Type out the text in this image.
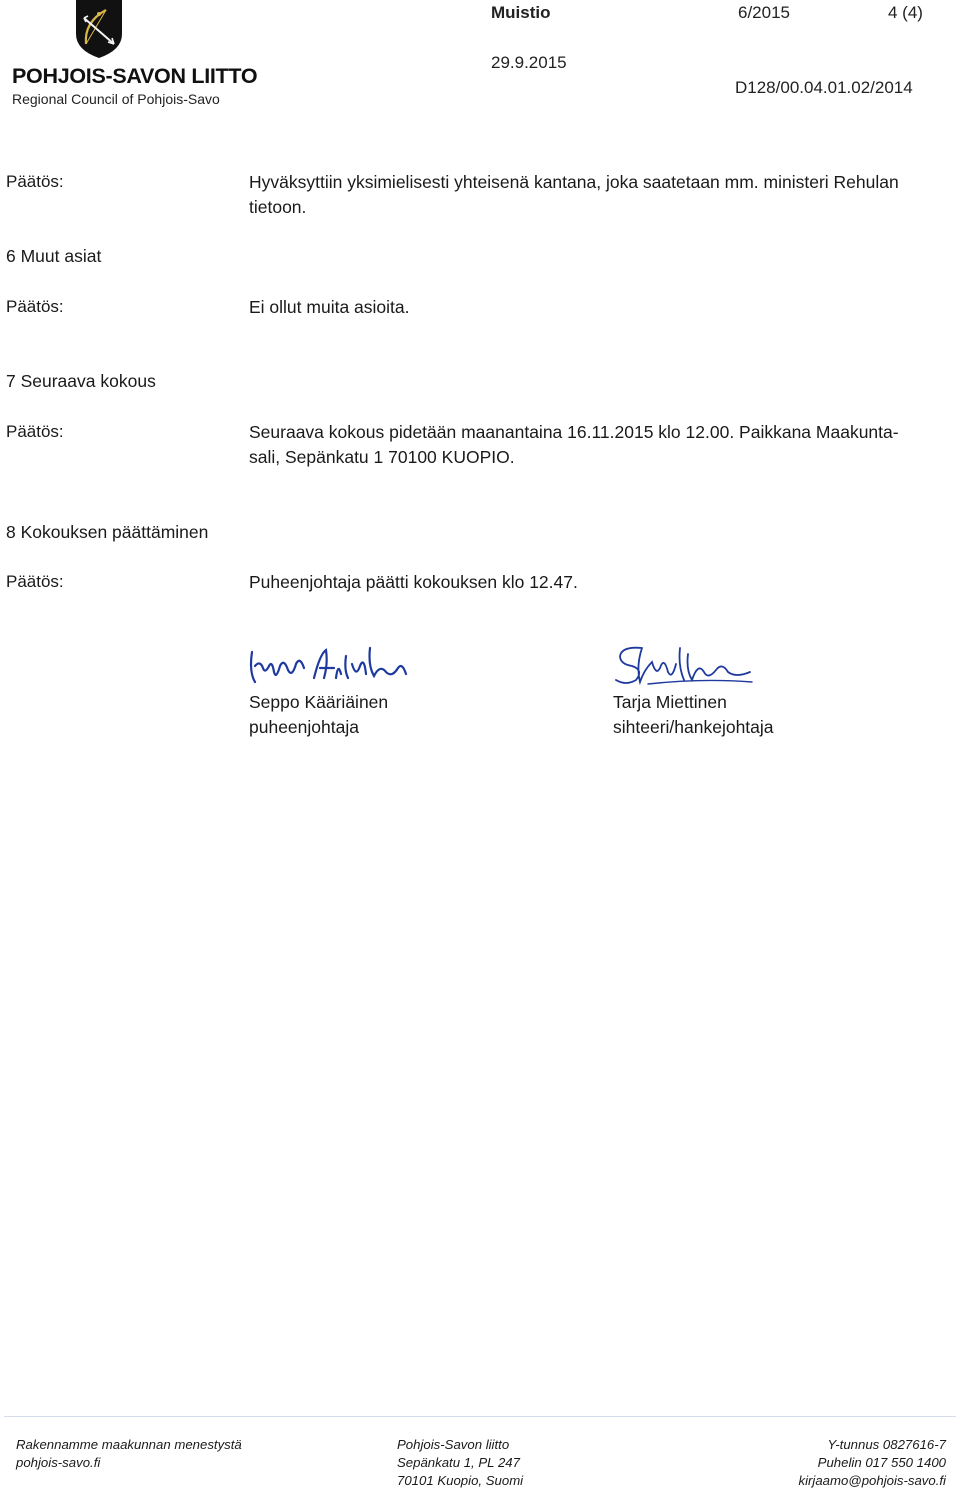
POHJOIS-SAVON LIITTO
Regional Council of Pohjois-Savo
Muistio	6/2015	4 (4)
29.9.2015
D128/00.04.01.02/2014
Päätös:	Hyväksyttiin yksimielisesti yhteisenä kantana, joka saatetaan mm. ministeri Rehulan
tietoon.
6 Muut asiat
Päätös:	Ei ollut muita asioita.
7 Seuraava kokous
Päätös:	Seuraava kokous pidetään maanantaina 16.11.2015 klo 12.00. Paikkana Maakunta-
sali, Sepänkatu 1 70100 KUOPIO.
8 Kokouksen päättäminen
Päätös:	Puheenjohtaja päätti kokouksen klo 12.47.
Seppo Kääriäinen
puheenjohtaja
Tarja Miettinen
sihteeri/hankejohtaja
Rakennamme maakunnan menestystä
pohjois-savo.fi
Pohjois-Savon liitto
Sepänkatu 1, PL 247
70101 Kuopio, Suomi
Y-tunnus 0827616-7
Puhelin 017 550 1400
kirjaamo@pohjois-savo.fi
